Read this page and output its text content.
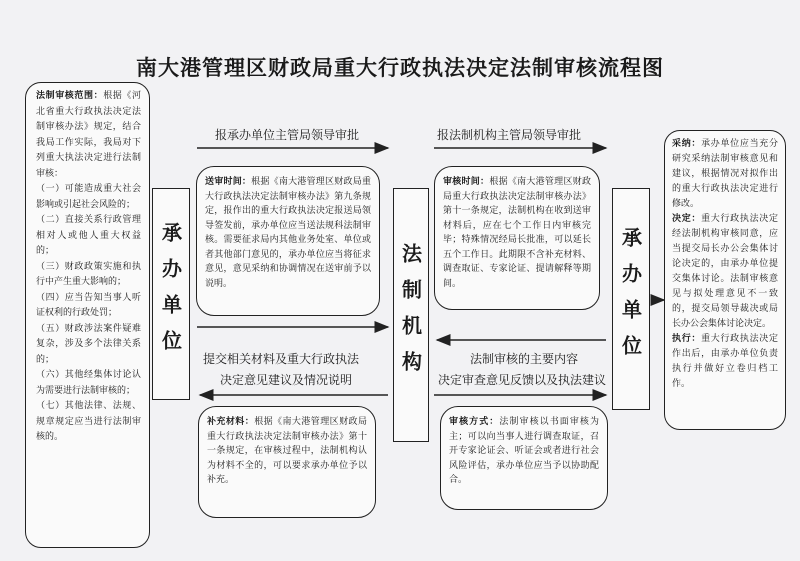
南大港管理区财政局重大行政执法决定法制审核流程图

法制审核范围：根据《河北省重大行政执法决定法制审核办法》规定，结合我局工作实际，我局对下列重大执法决定进行法制审核：

（一）可能造成重大社会影响或引起社会风险的；

（二）直接关系行政管理相对人或他人重大权益的；

（三）财政政策实施和执行中产生重大影响的；

（四）应当告知当事人听证权利的行政处罚；

（五）财政涉法案件疑难复杂，涉及多个法律关系的；

（六）其他经集体讨论认为需要进行法制审核的；

（七）其他法律、法规、规章规定应当进行法制审核的。

承办单位	法制机构	承办单位
报承办单位主管局领导审批	报法制机构主管局领导审批
提交相关材料及重大行政执法
决定意见建议及情况说明
法制审核的主要内容
决定审查意见反馈以及执法建议
送审时间：根据《南大港管理区财政局重大行政执法决定法制审核办法》第九条规定，报作出的重大行政执法决定报送局领导签发前，承办单位应当送法规科法制审核。需要征求局内其他业务处室、单位或者其他部门意见的，承办单位应当将征求意见，意见采纳和协调情况在送审前予以说明。
审核时间：根据《南大港管理区财政局重大行政执法决定法制审核办法》第十一条规定，法制机构在收到送审材料后，应在七个工作日内审核完毕；特殊情况经局长批准，可以延长五个工作日。此期限不含补充材料、调查取证、专家论证、提请解释等期间。
补充材料：根据《南大港管理区财政局重大行政执法决定法制审核办法》第十一条规定，在审核过程中，法制机构认为材料不全的，可以要求承办单位予以补充。
审核方式：法制审核以书面审核为主；可以向当事人进行调查取证，召开专家论证会、听证会或者进行社会风险评估，承办单位应当予以协助配合。

采纳：承办单位应当充分研究采纳法制审核意见和建议，根据情况对拟作出的重大行政执法决定进行修改。

决定：重大行政执法决定经法制机构审核同意，应当提交局长办公会集体讨论决定的，由承办单位提交集体讨论。法制审核意见与拟处理意见不一致的，提交局领导裁决或局长办公会集体讨论决定。

执行：重大行政执法决定作出后，由承办单位负责执行并做好立卷归档工作。
